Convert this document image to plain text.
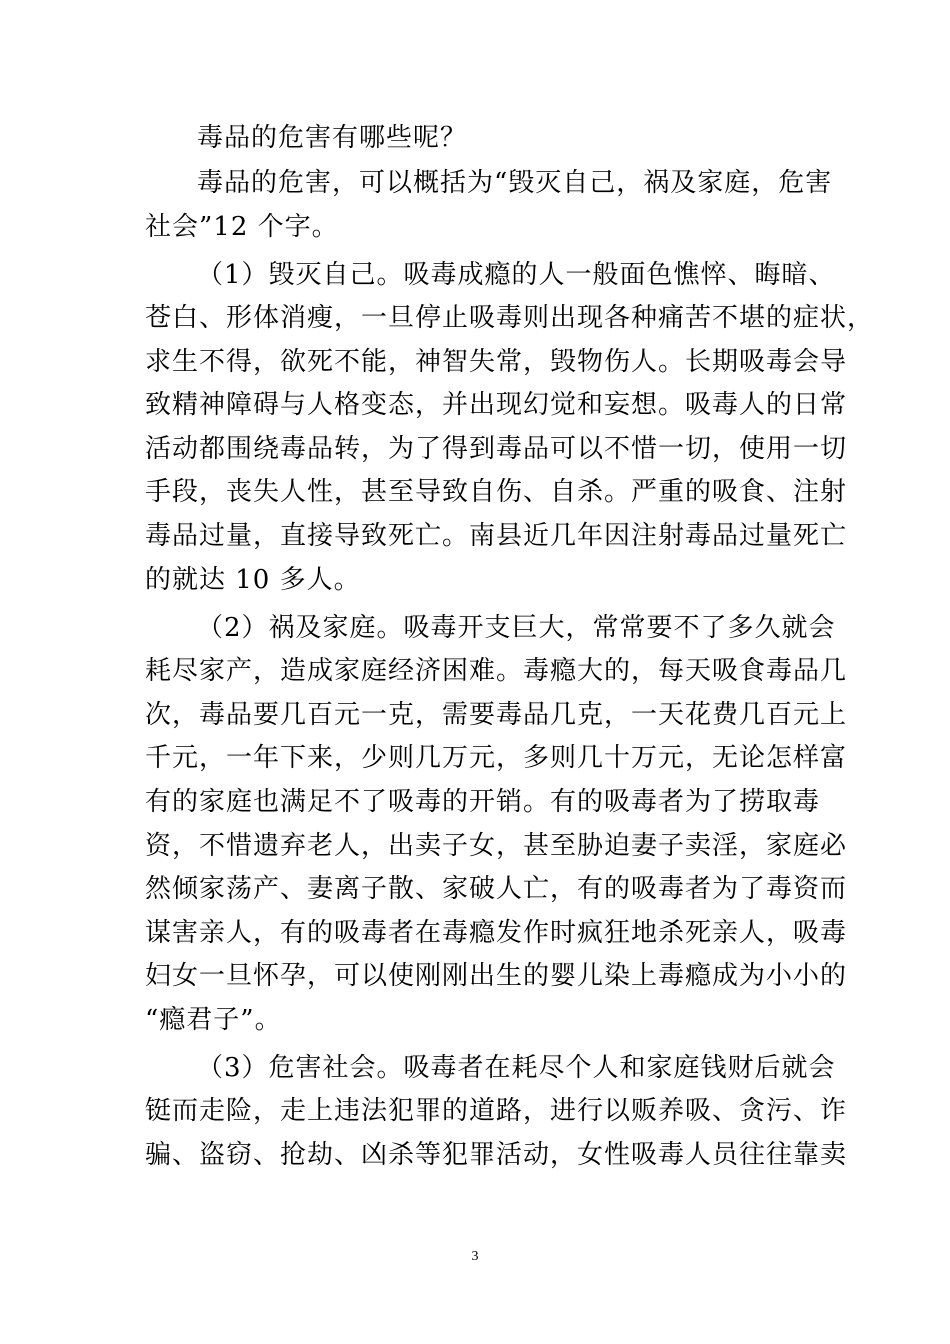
毒品的危害有哪些呢？
毒品的危害，可以概括为“毁灭自己，祸及家庭，危害
社会”12 个字。
（1）毁灭自己。吸毒成瘾的人一般面色憔悴、晦暗、
苍白、形体消瘦，一旦停止吸毒则出现各种痛苦不堪的症状，
求生不得，欲死不能，神智失常，毁物伤人。长期吸毒会导
致精神障碍与人格变态，并出现幻觉和妄想。吸毒人的日常
活动都围绕毒品转，为了得到毒品可以不惜一切，使用一切
手段，丧失人性，甚至导致自伤、自杀。严重的吸食、注射
毒品过量，直接导致死亡。南县近几年因注射毒品过量死亡
的就达 10 多人。
（2）祸及家庭。吸毒开支巨大，常常要不了多久就会
耗尽家产，造成家庭经济困难。毒瘾大的，每天吸食毒品几
次，毒品要几百元一克，需要毒品几克，一天花费几百元上
千元，一年下来，少则几万元，多则几十万元，无论怎样富
有的家庭也满足不了吸毒的开销。有的吸毒者为了捞取毒
资，不惜遗弃老人，出卖子女，甚至胁迫妻子卖淫，家庭必
然倾家荡产、妻离子散、家破人亡，有的吸毒者为了毒资而
谋害亲人，有的吸毒者在毒瘾发作时疯狂地杀死亲人，吸毒
妇女一旦怀孕，可以使刚刚出生的婴儿染上毒瘾成为小小的
“瘾君子”。
（3）危害社会。吸毒者在耗尽个人和家庭钱财后就会
铤而走险，走上违法犯罪的道路，进行以贩养吸、贪污、诈
骗、盗窃、抢劫、凶杀等犯罪活动，女性吸毒人员往往靠卖
3
